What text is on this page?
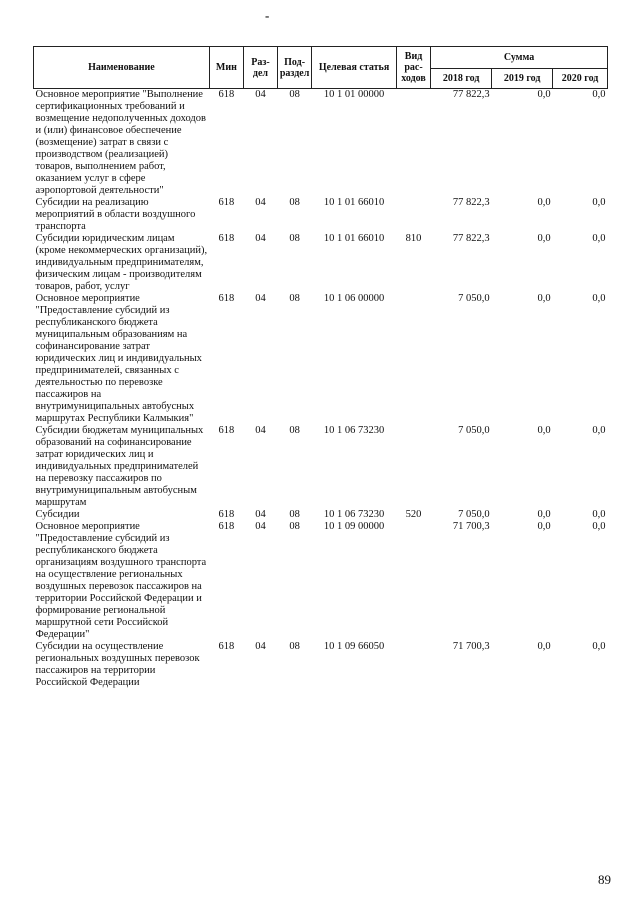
-
Наименование	Мин	Раз-дел	Под-раздел	Целевая статья	Вид рас-ходов	Сумма		
						2018 год	2019 год	2020 год
Основное мероприятие "Выполнение сертификационных требований и возмещение недополученных доходов и (или) финансовое обеспечение (возмещение) затрат в связи с производством (реализацией) товаров, выполнением работ, оказанием услуг в сфере аэропортовой деятельности"	618	04	08	10 1 01 00000		77 822,3	0,0	0,0
Субсидии на реализацию мероприятий в области воздушного транспорта	618	04	08	10 1 01 66010		77 822,3	0,0	0,0
Субсидии юридическим лицам (кроме некоммерческих организаций), индивидуальным предпринимателям, физическим лицам - производителям товаров, работ, услуг	618	04	08	10 1 01 66010	810	77 822,3	0,0	0,0
Основное мероприятие "Предоставление субсидий из республиканского бюджета муниципальным образованиям на софинансирование затрат юридических лиц и индивидуальных предпринимателей, связанных с деятельностью по перевозке пассажиров на внутримуниципальных автобусных маршрутах Республики Калмыкия"	618	04	08	10 1 06 00000		7 050,0	0,0	0,0
Субсидии бюджетам муниципальных образований на софинансирование затрат юридических лиц и индивидуальных предпринимателей на перевозку пассажиров по внутримуниципальным автобусным маршрутам	618	04	08	10 1 06 73230		7 050,0	0,0	0,0
Субсидии	618	04	08	10 1 06 73230	520	7 050,0	0,0	0,0
Основное мероприятие "Предоставление субсидий из республиканского бюджета организациям воздушного транспорта на осуществление региональных воздушных перевозок пассажиров на территории Российской Федерации и формирование региональной маршрутной сети Российской Федерации"	618	04	08	10 1 09 00000		71 700,3	0,0	0,0
Субсидии на осуществление региональных воздушных перевозок пассажиров на территории Российской Федерации	618	04	08	10 1 09 66050		71 700,3	0,0	0,0
89
